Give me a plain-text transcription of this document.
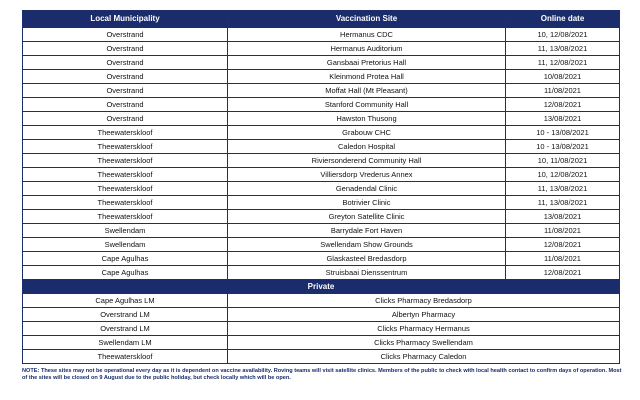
Local Municipality	Vaccination Site	Online date
Overstrand	Hermanus CDC	10, 12/08/2021
Overstrand	Hermanus Auditorium	11, 13/08/2021
Overstrand	Gansbaai Pretorius Hall	11, 12/08/2021
Overstrand	Kleinmond Protea Hall	10/08/2021
Overstrand	Moffat Hall (Mt Pleasant)	11/08/2021
Overstrand	Stanford Community Hall	12/08/2021
Overstrand	Hawston Thusong	13/08/2021
Theewaterskloof	Grabouw CHC	10 - 13/08/2021
Theewaterskloof	Caledon Hospital	10 - 13/08/2021
Theewaterskloof	Riviersonderend Community Hall	10, 11/08/2021
Theewaterskloof	Villiersdorp Vrederus Annex	10, 12/08/2021
Theewaterskloof	Genadendal Clinic	11, 13/08/2021
Theewaterskloof	Botrivier Clinic	11, 13/08/2021
Theewaterskloof	Greyton Satellite Clinic	13/08/2021
Swellendam	Barrydale Fort Haven	11/08/2021
Swellendam	Swellendam Show Grounds	12/08/2021
Cape Agulhas	Glaskasteel Bredasdorp	11/08/2021
Cape Agulhas	Struisbaai Dienssentrum	12/08/2021
Private		
Cape Agulhas LM	Clicks Pharmacy Bredasdorp	
Overstrand LM	Albertyn Pharmacy	
Overstrand LM	Clicks Pharmacy Hermanus	
Swellendam LM	Clicks Pharmacy Swellendam	
Theewaterskloof	Clicks Pharmacy Caledon	
NOTE: These sites may not be operational every day as it is dependent on vaccine availability. Roving teams will visit satellite clinics. Members of the public to check with local health contact to confirm days of operation. Most of the sites will be closed on 9 August due to the public holiday, but check locally which will be open.
